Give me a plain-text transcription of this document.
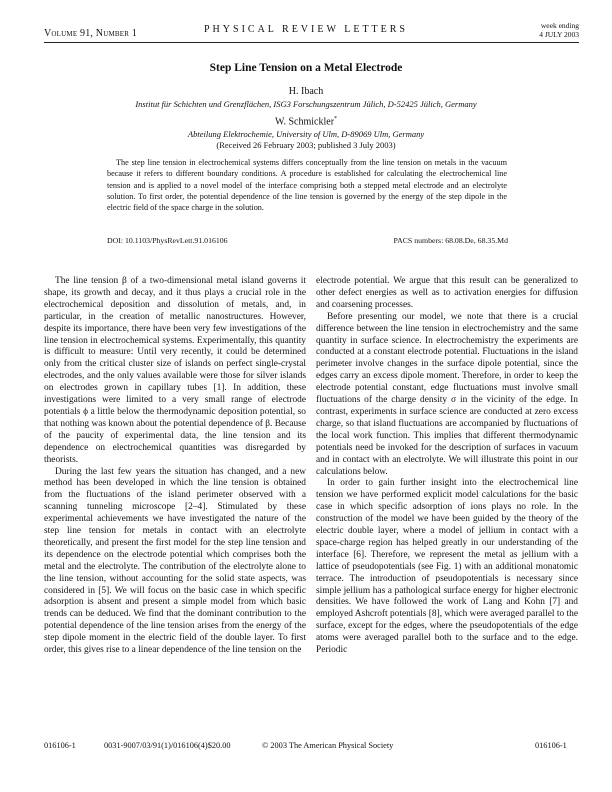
Volume 91, Number 1	PHYSICAL REVIEW LETTERS	week ending
4 JULY 2003
Step Line Tension on a Metal Electrode
H. Ibach
Institut für Schichten und Grenzflächen, ISG3 Forschungszentrum Jülich, D-52425 Jülich, Germany
W. Schmickler*
Abteilung Elektrochemie, University of Ulm, D-89069 Ulm, Germany
(Received 26 February 2003; published 3 July 2003)
The step line tension in electrochemical systems differs conceptually from the line tension on metals in the vacuum because it refers to different boundary conditions. A procedure is established for calculating the electrochemical line tension and is applied to a novel model of the interface comprising both a stepped metal electrode and an electrolyte solution. To first order, the potential dependence of the line tension is governed by the energy of the step dipole in the electric field of the space charge in the solution.
DOI: 10.1103/PhysRevLett.91.016106	PACS numbers: 68.08.De, 68.35.Md

The line tension β of a two-dimensional metal island governs it shape, its growth and decay, and it thus plays a crucial role in the electrochemical deposition and dissolution of metals, and, in particular, in the creation of metallic nanostructures. However, despite its importance, there have been very few investigations of the line tension in electrochemical systems. Experimentally, this quantity is difficult to measure: Until very recently, it could be determined only from the critical cluster size of islands on perfect single-crystal electrodes, and the only values available were those for silver islands on electrodes grown in capillary tubes [1]. In addition, these investigations were limited to a very small range of electrode potentials ϕ a little below the thermodynamic deposition potential, so that nothing was known about the potential dependence of β. Because of the paucity of experimental data, the line tension and its dependence on electrochemical quantities was disregarded by theorists.

During the last few years the situation has changed, and a new method has been developed in which the line tension is obtained from the fluctuations of the island perimeter observed with a scanning tunneling microscope [2–4]. Stimulated by these experimental achievements we have investigated the nature of the step line tension for metals in contact with an electrolyte theoretically, and present the first model for the step line tension and its dependence on the electrode potential which comprises both the metal and the electrolyte. The contribution of the electrolyte alone to the line tension, without accounting for the solid state aspects, was considered in [5]. We will focus on the basic case in which specific adsorption is absent and present a simple model from which basic trends can be deduced. We find that the dominant contribution to the potential dependence of the line tension arises from the energy of the step dipole moment in the electric field of the double layer. To first order, this gives rise to a linear dependence of the line tension on the

electrode potential. We argue that this result can be generalized to other defect energies as well as to activation energies for diffusion and coarsening processes.

Before presenting our model, we note that there is a crucial difference between the line tension in electrochemistry and the same quantity in surface science. In electrochemistry the experiments are conducted at a constant electrode potential. Fluctuations in the island perimeter involve changes in the surface dipole potential, since the edges carry an excess dipole moment. Therefore, in order to keep the electrode potential constant, edge fluctuations must involve small fluctuations of the charge density σ in the vicinity of the edge. In contrast, experiments in surface science are conducted at zero excess charge, so that island fluctuations are accompanied by fluctuations of the local work function. This implies that different thermodynamic potentials need be invoked for the description of surfaces in vacuum and in contact with an electrolyte. We will illustrate this point in our calculations below.

In order to gain further insight into the electrochemical line tension we have performed explicit model calculations for the basic case in which specific adsorption of ions plays no role. In the construction of the model we have been guided by the theory of the electric double layer, where a model of jellium in contact with a space-charge region has helped greatly in our understanding of the interface [6]. Therefore, we represent the metal as jellium with a lattice of pseudopotentials (see Fig. 1) with an additional monatomic terrace. The introduction of pseudopotentials is necessary since simple jellium has a pathological surface energy for higher electronic densities. We have followed the work of Lang and Kohn [7] and employed Ashcroft potentials [8], which were averaged parallel to the surface, except for the edges, where the pseudopotentials of the edge atoms were averaged parallel both to the surface and to the edge. Periodic

016106-1	0031-9007/03/91(1)/016106(4)$20.00	© 2003 The American Physical Society	016106-1
